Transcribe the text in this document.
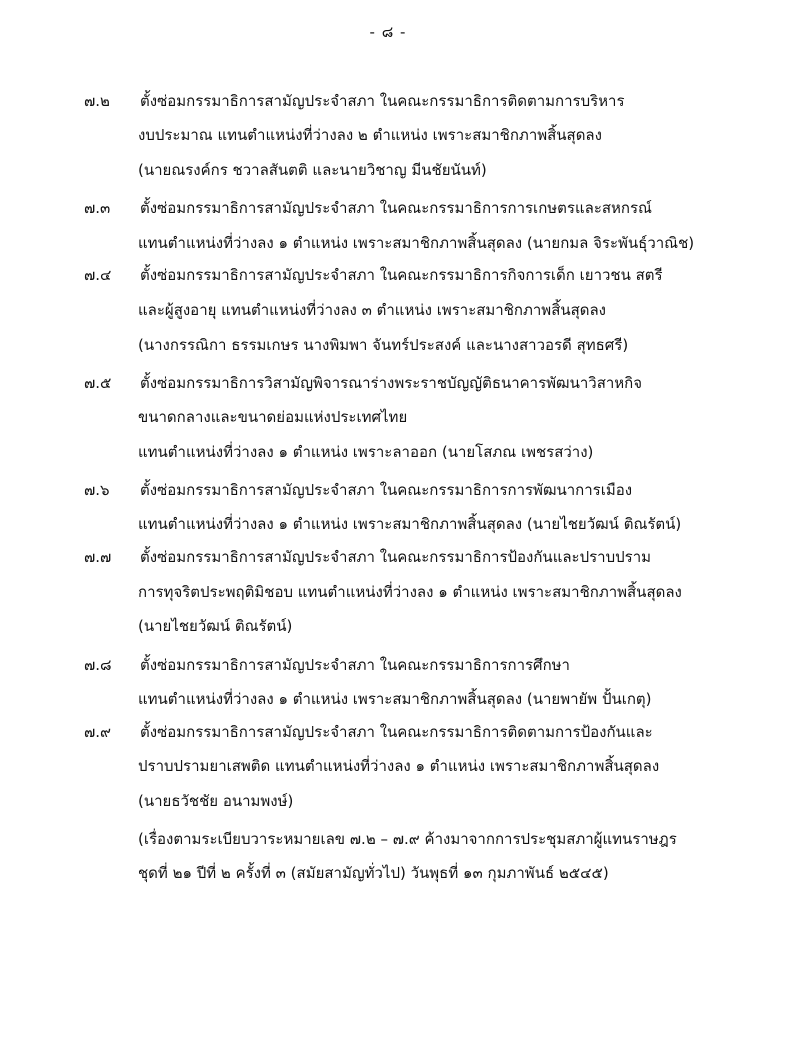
- ๘ -
๗.๒ ตั้งซ่อมกรรมาธิการสามัญประจำสภา ในคณะกรรมาธิการติดตามการบริหาร
งบประมาณ แทนตำแหน่งที่ว่างลง ๒ ตำแหน่ง เพราะสมาชิกภาพสิ้นสุดลง
(นายณรงค์กร ชวาลสันตติ และนายวิชาญ มีนชัยนันท์)
๗.๓ ตั้งซ่อมกรรมาธิการสามัญประจำสภา ในคณะกรรมาธิการการเกษตรและสหกรณ์
แทนตำแหน่งที่ว่างลง ๑ ตำแหน่ง เพราะสมาชิกภาพสิ้นสุดลง (นายกมล จิระพันธุ์วาณิช)
๗.๔ ตั้งซ่อมกรรมาธิการสามัญประจำสภา ในคณะกรรมาธิการกิจการเด็ก เยาวชน สตรี
และผู้สูงอายุ แทนตำแหน่งที่ว่างลง ๓ ตำแหน่ง เพราะสมาชิกภาพสิ้นสุดลง
(นางกรรณิกา ธรรมเกษร นางพิมพา จันทร์ประสงค์ และนางสาวอรดี สุทธศรี)
๗.๕ ตั้งซ่อมกรรมาธิการวิสามัญพิจารณาร่างพระราชบัญญัติธนาคารพัฒนาวิสาหกิจ
ขนาดกลางและขนาดย่อมแห่งประเทศไทย
แทนตำแหน่งที่ว่างลง ๑ ตำแหน่ง เพราะลาออก (นายโสภณ เพชรสว่าง)
๗.๖ ตั้งซ่อมกรรมาธิการสามัญประจำสภา ในคณะกรรมาธิการการพัฒนาการเมือง
แทนตำแหน่งที่ว่างลง ๑ ตำแหน่ง เพราะสมาชิกภาพสิ้นสุดลง (นายไชยวัฒน์ ติณรัตน์)
๗.๗ ตั้งซ่อมกรรมาธิการสามัญประจำสภา ในคณะกรรมาธิการป้องกันและปราบปราม
การทุจริตประพฤติมิชอบ แทนตำแหน่งที่ว่างลง ๑ ตำแหน่ง เพราะสมาชิกภาพสิ้นสุดลง
(นายไชยวัฒน์ ติณรัตน์)
๗.๘ ตั้งซ่อมกรรมาธิการสามัญประจำสภา ในคณะกรรมาธิการการศึกษา
แทนตำแหน่งที่ว่างลง ๑ ตำแหน่ง เพราะสมาชิกภาพสิ้นสุดลง (นายพายัพ ปั้นเกตุ)
๗.๙ ตั้งซ่อมกรรมาธิการสามัญประจำสภา ในคณะกรรมาธิการติดตามการป้องกันและ
ปราบปรามยาเสพติด แทนตำแหน่งที่ว่างลง ๑ ตำแหน่ง เพราะสมาชิกภาพสิ้นสุดลง
(นายธวัชชัย อนามพงษ์)
(เรื่องตามระเบียบวาระหมายเลข ๗.๒ – ๗.๙ ค้างมาจากการประชุมสภาผู้แทนราษฎร
ชุดที่ ๒๑ ปีที่ ๒ ครั้งที่ ๓ (สมัยสามัญทั่วไป) วันพุธที่ ๑๓ กุมภาพันธ์ ๒๕๔๕)
